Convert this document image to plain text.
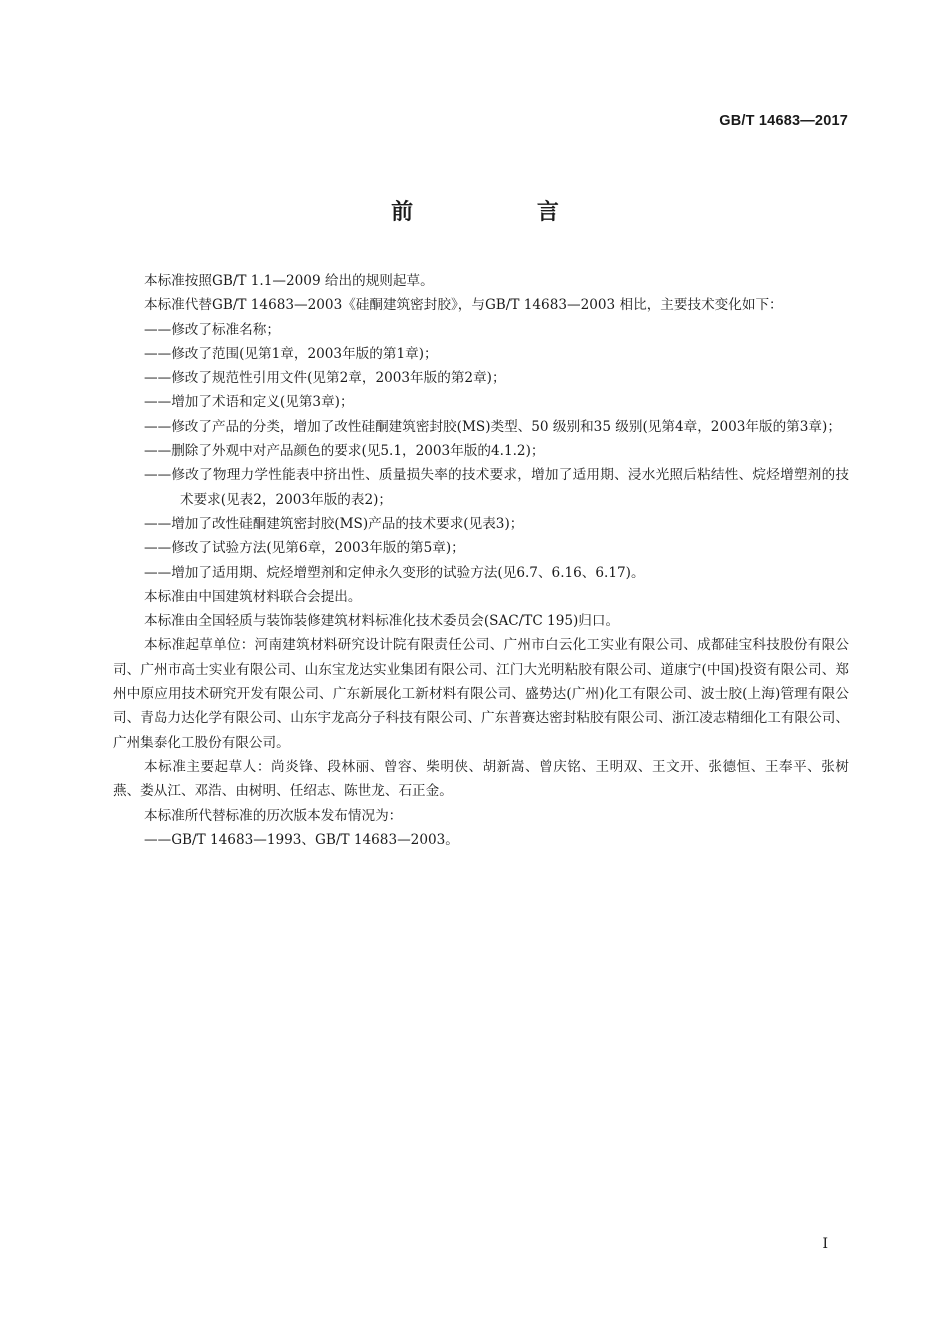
GB/T 14683—2017
前 言

本标准按照GB/T 1.1—2009 给出的规则起草。

本标准代替GB/T 14683—2003《硅酮建筑密封胶》，与GB/T 14683—2003 相比，主要技术变化如下：

——修改了标准名称；
——修改了范围(见第1章，2003年版的第1章)；
——修改了规范性引用文件(见第2章，2003年版的第2章)；
——增加了术语和定义(见第3章)；
——修改了产品的分类，增加了改性硅酮建筑密封胶(MS)类型、50 级别和35 级别(见第4章，2003年版的第3章)；
——删除了外观中对产品颜色的要求(见5.1，2003年版的4.1.2)；
——修改了物理力学性能表中挤出性、质量损失率的技术要求，增加了适用期、浸水光照后粘结性、烷烃增塑剂的技术要求(见表2，2003年版的表2)；
——增加了改性硅酮建筑密封胶(MS)产品的技术要求(见表3)；
——修改了试验方法(见第6章，2003年版的第5章)；
——增加了适用期、烷烃增塑剂和定伸永久变形的试验方法(见6.7、6.16、6.17)。

本标准由中国建筑材料联合会提出。

本标准由全国轻质与装饰装修建筑材料标准化技术委员会(SAC/TC 195)归口。

本标准起草单位：河南建筑材料研究设计院有限责任公司、广州市白云化工实业有限公司、成都硅宝科技股份有限公司、广州市高士实业有限公司、山东宝龙达实业集团有限公司、江门大光明粘胶有限公司、道康宁(中国)投资有限公司、郑州中原应用技术研究开发有限公司、广东新展化工新材料有限公司、盛势达(广州)化工有限公司、波士胶(上海)管理有限公司、青岛力达化学有限公司、山东宇龙高分子科技有限公司、广东普赛达密封粘胶有限公司、浙江凌志精细化工有限公司、广州集泰化工股份有限公司。

本标准主要起草人：尚炎锋、段林丽、曾容、柴明侠、胡新嵩、曾庆铭、王明双、王文开、张德恒、王奉平、张树燕、娄从江、邓浩、由树明、任绍志、陈世龙、石正金。

本标准所代替标准的历次版本发布情况为：

——GB/T 14683—1993、GB/T 14683—2003。
I
